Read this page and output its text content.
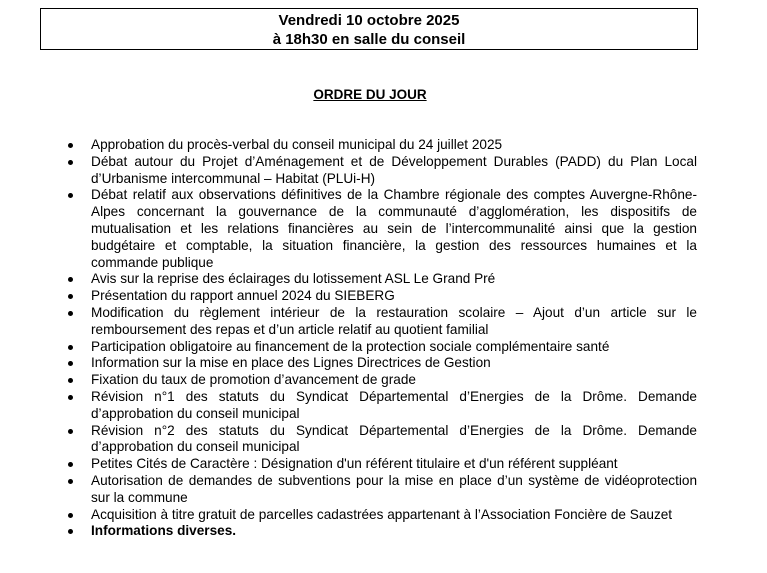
Vendredi 10 octobre 2025
à 18h30 en salle du conseil
ORDRE DU JOUR
Approbation du procès-verbal du conseil municipal du 24 juillet 2025
Débat autour du Projet d’Aménagement et de Développement Durables (PADD) du Plan Local d’Urbanisme intercommunal – Habitat (PLUi-H)
Débat relatif aux observations définitives de la Chambre régionale des comptes Auvergne-Rhône-Alpes concernant la gouvernance de la communauté d’agglomération, les dispositifs de mutualisation et les relations financières au sein de l’intercommunalité ainsi que la gestion budgétaire et comptable, la situation financière, la gestion des ressources humaines et la commande publique
Avis sur la reprise des éclairages du lotissement ASL Le Grand Pré
Présentation du rapport annuel 2024 du SIEBERG
Modification du règlement intérieur de la restauration scolaire – Ajout d’un article sur le remboursement des repas et d’un article relatif au quotient familial
Participation obligatoire au financement de la protection sociale complémentaire santé
Information sur la mise en place des Lignes Directrices de Gestion
Fixation du taux de promotion d’avancement de grade
Révision n°1 des statuts du Syndicat Départemental d’Energies de la Drôme. Demande d’approbation du conseil municipal
Révision n°2 des statuts du Syndicat Départemental d’Energies de la Drôme. Demande d’approbation du conseil municipal
Petites Cités de Caractère : Désignation d'un référent titulaire et d'un référent suppléant
Autorisation de demandes de subventions pour la mise en place d’un système de vidéoprotection sur la commune
Acquisition à titre gratuit de parcelles cadastrées appartenant à l’Association Foncière de Sauzet
Informations diverses.
